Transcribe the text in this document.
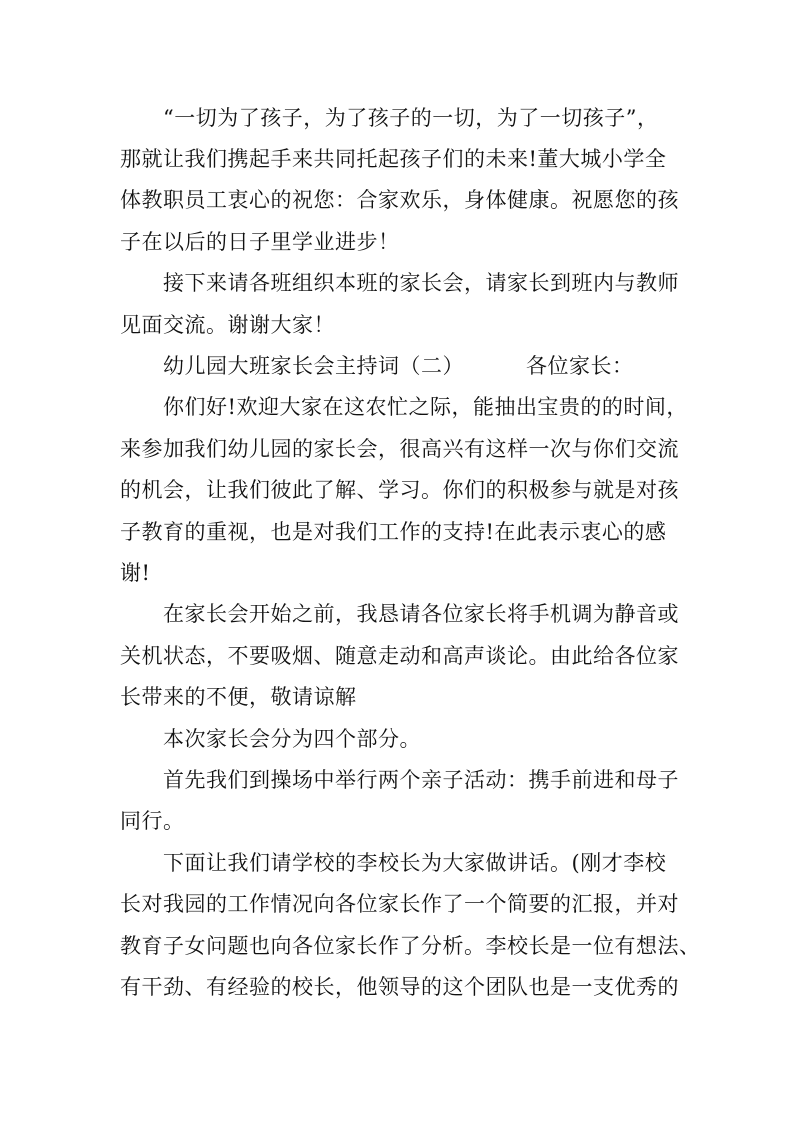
“一切为了孩子，为了孩子的一切，为了一切孩子”，
那就让我们携起手来共同托起孩子们的未来!董大城小学全
体教职员工衷心的祝您：合家欢乐，身体健康。祝愿您的孩
子在以后的日子里学业进步！
接下来请各班组织本班的家长会，请家长到班内与教师
见面交流。谢谢大家！
幼儿园大班家长会主持词（二）	各位家长：
你们好!欢迎大家在这农忙之际，能抽出宝贵的的时间，
来参加我们幼儿园的家长会，很高兴有这样一次与你们交流
的机会，让我们彼此了解、学习。你们的积极参与就是对孩
子教育的重视，也是对我们工作的支持!在此表示衷心的感
谢!
在家长会开始之前，我恳请各位家长将手机调为静音或
关机状态，不要吸烟、随意走动和高声谈论。由此给各位家
长带来的不便，敬请谅解
本次家长会分为四个部分。
首先我们到操场中举行两个亲子活动：携手前进和母子
同行。
下面让我们请学校的李校长为大家做讲话。(刚才李校
长对我园的工作情况向各位家长作了一个简要的汇报，并对
教育子女问题也向各位家长作了分析。李校长是一位有想法、
有干劲、有经验的校长，他领导的这个团队也是一支优秀的
